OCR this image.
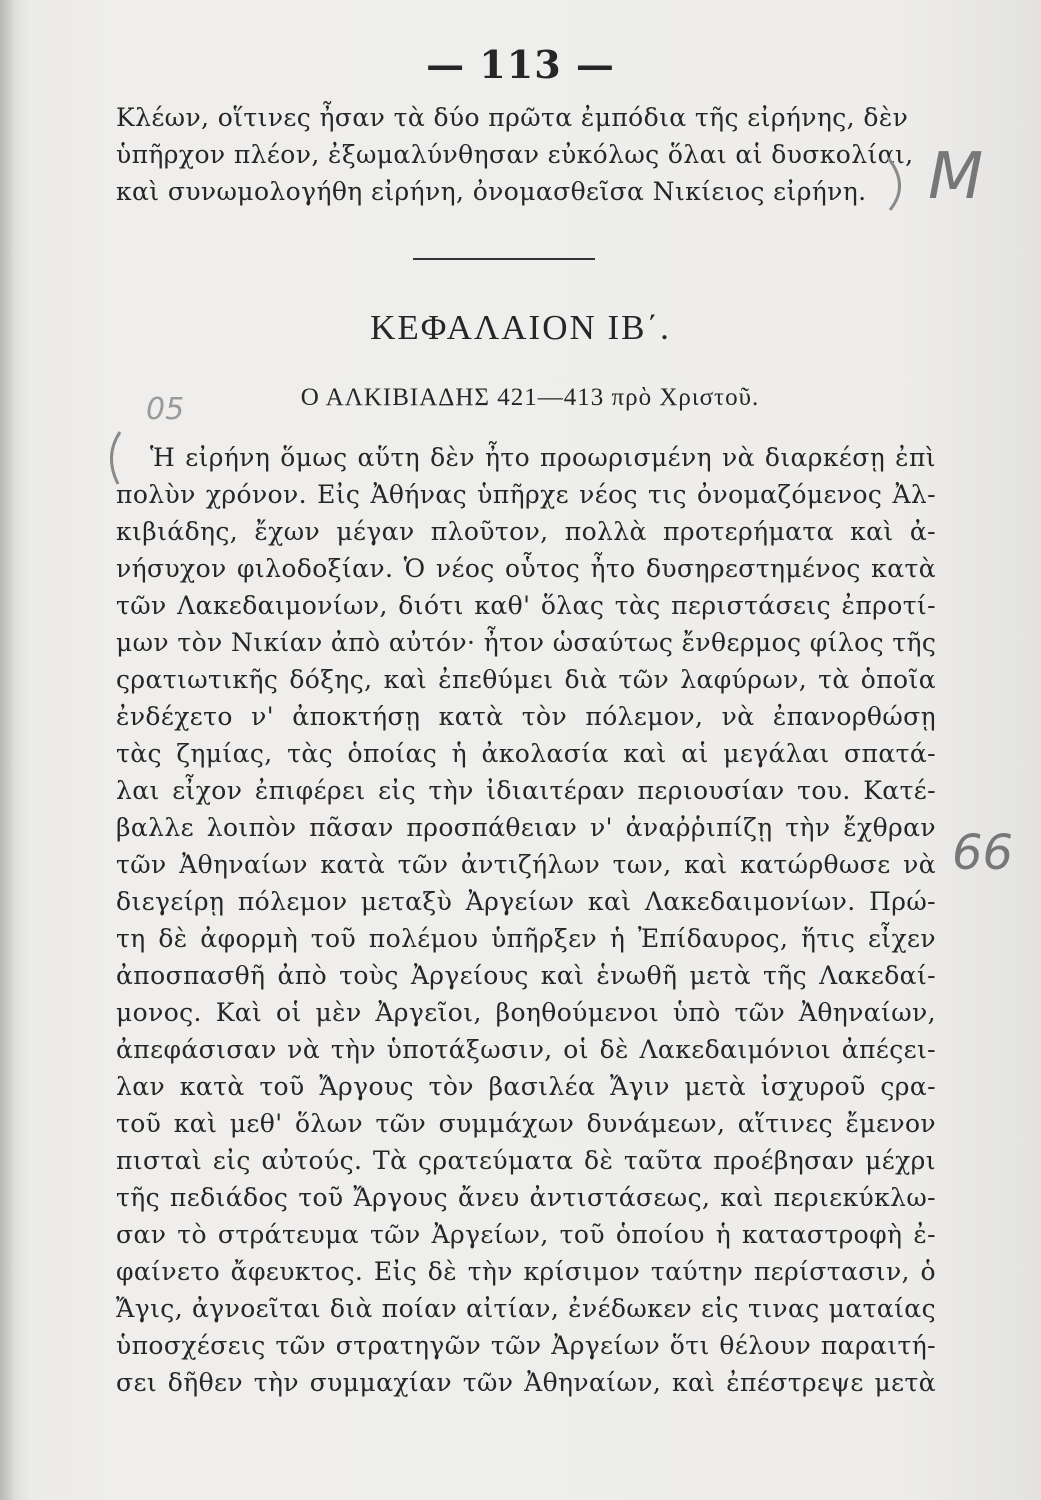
— 113 —
Κλέων, οἵτινες ἦσαν τὰ δύο πρῶτα ἐμπόδια τῆς εἰρήνης, δὲν
ὑπῆρχον πλέον, ἐξωμαλύνθησαν εὐκόλως ὅλαι αἱ δυσκολίαι,
καὶ συνωμολογήθη εἰρήνη, ὀνομασθεῖσα Νικίειος εἰρήνη. M
ΚΕΦΑΛΑΙΟΝ ΙΒ΄.
Ο ΑΛΚΙΒΙΑΔΗΣ 421—413 πρὸ Χριστοῦ.
05
Ἡ εἰρήνη ὅμως αὕτη δὲν ἦτο προωρισμένη νὰ διαρκέσῃ ἐπὶ
πολὺν χρόνον. Εἰς Ἀθήνας ὑπῆρχε νέος τις ὀνομαζόμενος Ἀλ-
κιβιάδης, ἔχων μέγαν πλοῦτον, πολλὰ προτερήματα καὶ ἀ-
νήσυχον φιλοδοξίαν. Ὁ νέος οὗτος ἦτο δυσηρεστημένος κατὰ
τῶν Λακεδαιμονίων, διότι καθ' ὅλας τὰς περιστάσεις ἐπροτί-
μων τὸν Νικίαν ἀπὸ αὐτόν· ἦτον ὡσαύτως ἔνθερμος φίλος τῆς
ςρατιωτικῆς δόξης, καὶ ἐπεθύμει διὰ τῶν λαφύρων, τὰ ὁποῖα
ἐνδέχετο ν' ἀποκτήσῃ κατὰ τὸν πόλεμον, νὰ ἐπανορθώσῃ
τὰς ζημίας, τὰς ὁποίας ἡ ἀκολασία καὶ αἱ μεγάλαι σπατά-
λαι εἶχον ἐπιφέρει εἰς τὴν ἰδιαιτέραν περιουσίαν του. Κατέ-
βαλλε λοιπὸν πᾶσαν προσπάθειαν ν' ἀναῤῥιπίζῃ τὴν ἔχθραν
τῶν Ἀθηναίων κατὰ τῶν ἀντιζήλων των, καὶ κατώρθωσε νὰ
διεγείρῃ πόλεμον μεταξὺ Ἀργείων καὶ Λακεδαιμονίων. Πρώ-
τη δὲ ἀφορμὴ τοῦ πολέμου ὑπῆρξεν ἡ Ἐπίδαυρος, ἥτις εἶχεν
ἀποσπασθῆ ἀπὸ τοὺς Ἀργείους καὶ ἑνωθῆ μετὰ τῆς Λακεδαί-
μονος. Καὶ οἱ μὲν Ἀργεῖοι, βοηθούμενοι ὑπὸ τῶν Ἀθηναίων,
ἀπεφάσισαν νὰ τὴν ὑποτάξωσιν, οἱ δὲ Λακεδαιμόνιοι ἀπέςει-
λαν κατὰ τοῦ Ἄργους τὸν βασιλέα Ἄγιν μετὰ ἰσχυροῦ ςρα-
τοῦ καὶ μεθ' ὅλων τῶν συμμάχων δυνάμεων, αἵτινες ἔμενον
πισταὶ εἰς αὐτούς. Τὰ ςρατεύματα δὲ ταῦτα προέβησαν μέχρι
τῆς πεδιάδος τοῦ Ἄργους ἄνευ ἀντιστάσεως, καὶ περιεκύκλω-
σαν τὸ στράτευμα τῶν Ἀργείων, τοῦ ὁποίου ἡ καταστροφὴ ἐ-
φαίνετο ἄφευκτος. Εἰς δὲ τὴν κρίσιμον ταύτην περίστασιν, ὁ
Ἄγις, ἀγνοεῖται διὰ ποίαν αἰτίαν, ἐνέδωκεν εἰς τινας ματαίας
ὑποσχέσεις τῶν στρατηγῶν τῶν Ἀργείων ὅτι θέλουν παραιτή-
σει δῆθεν τὴν συμμαχίαν τῶν Ἀθηναίων, καὶ ἐπέστρεψε μετὰ
66
